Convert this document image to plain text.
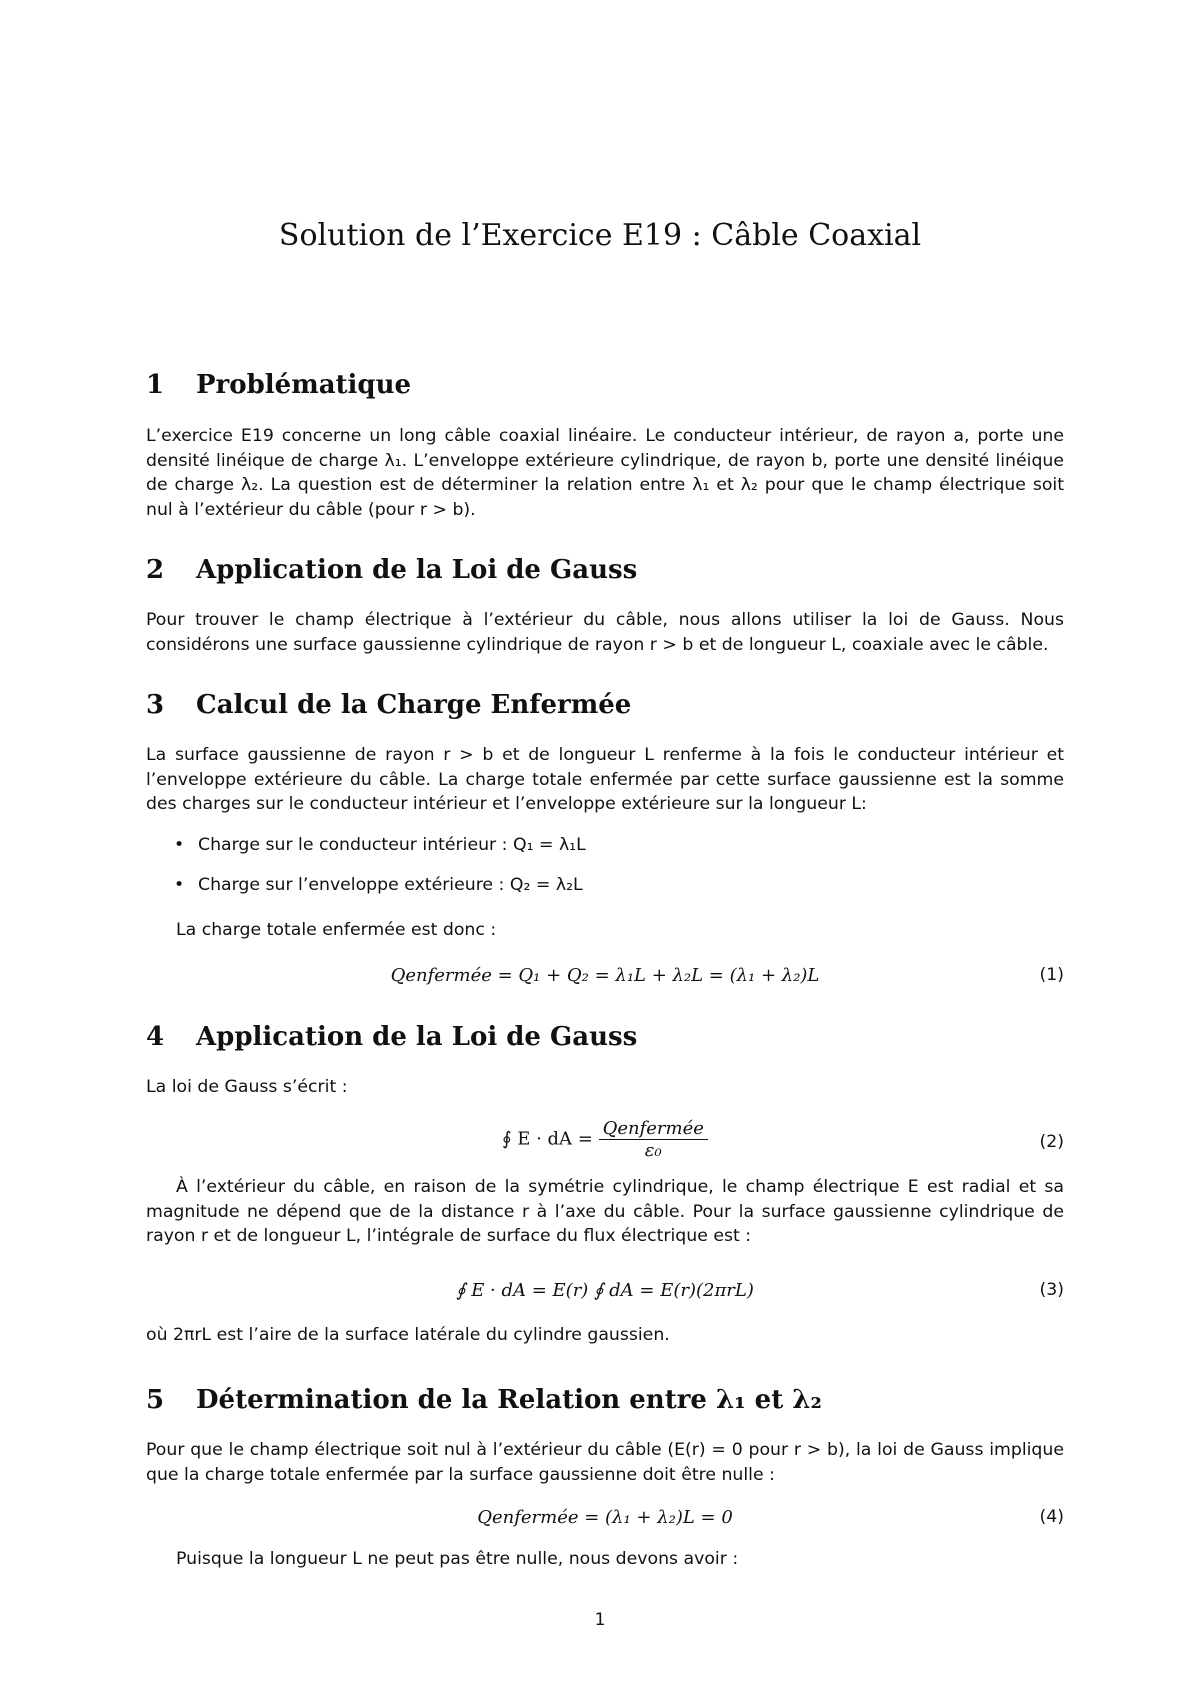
Solution de l’Exercice E19 : Câble Coaxial
1 Problématique

L’exercice E19 concerne un long câble coaxial linéaire. Le conducteur intérieur, de rayon a, porte une densité linéique de charge λ₁. L’enveloppe extérieure cylindrique, de rayon b, porte une densité linéique de charge λ₂. La question est de déterminer la relation entre λ₁ et λ₂ pour que le champ électrique soit nul à l’extérieur du câble (pour r > b).

2 Application de la Loi de Gauss

Pour trouver le champ électrique à l’extérieur du câble, nous allons utiliser la loi de Gauss. Nous considérons une surface gaussienne cylindrique de rayon r > b et de longueur L, coaxiale avec le câble.

3 Calcul de la Charge Enfermée

La surface gaussienne de rayon r > b et de longueur L renferme à la fois le conducteur intérieur et l’enveloppe extérieure du câble. La charge totale enfermée par cette surface gaussienne est la somme des charges sur le conducteur intérieur et l’enveloppe extérieure sur la longueur L:

• Charge sur le conducteur intérieur : Q₁ = λ₁L
• Charge sur l’enveloppe extérieure : Q₂ = λ₂L

La charge totale enfermée est donc :

Qenfermée = Q₁ + Q₂ = λ₁L + λ₂L = (λ₁ + λ₂)L	(1)
4 Application de la Loi de Gauss

La loi de Gauss s’écrit :

∮ E · dA = $\frac{\text{Qenfermée}}{\text{ε₀}}$	(2)

À l’extérieur du câble, en raison de la symétrie cylindrique, le champ électrique E est radial et sa magnitude ne dépend que de la distance r à l’axe du câble. Pour la surface gaussienne cylindrique de rayon r et de longueur L, l’intégrale de surface du flux électrique est :

∮ E · dA = E(r) ∮ dA = E(r)(2πrL)	(3)

où 2πrL est l’aire de la surface latérale du cylindre gaussien.

5 Détermination de la Relation entre λ₁ et λ₂

Pour que le champ électrique soit nul à l’extérieur du câble (E(r) = 0 pour r > b), la loi de Gauss implique que la charge totale enfermée par la surface gaussienne doit être nulle :

Qenfermée = (λ₁ + λ₂)L = 0	(4)

Puisque la longueur L ne peut pas être nulle, nous devons avoir :

1
